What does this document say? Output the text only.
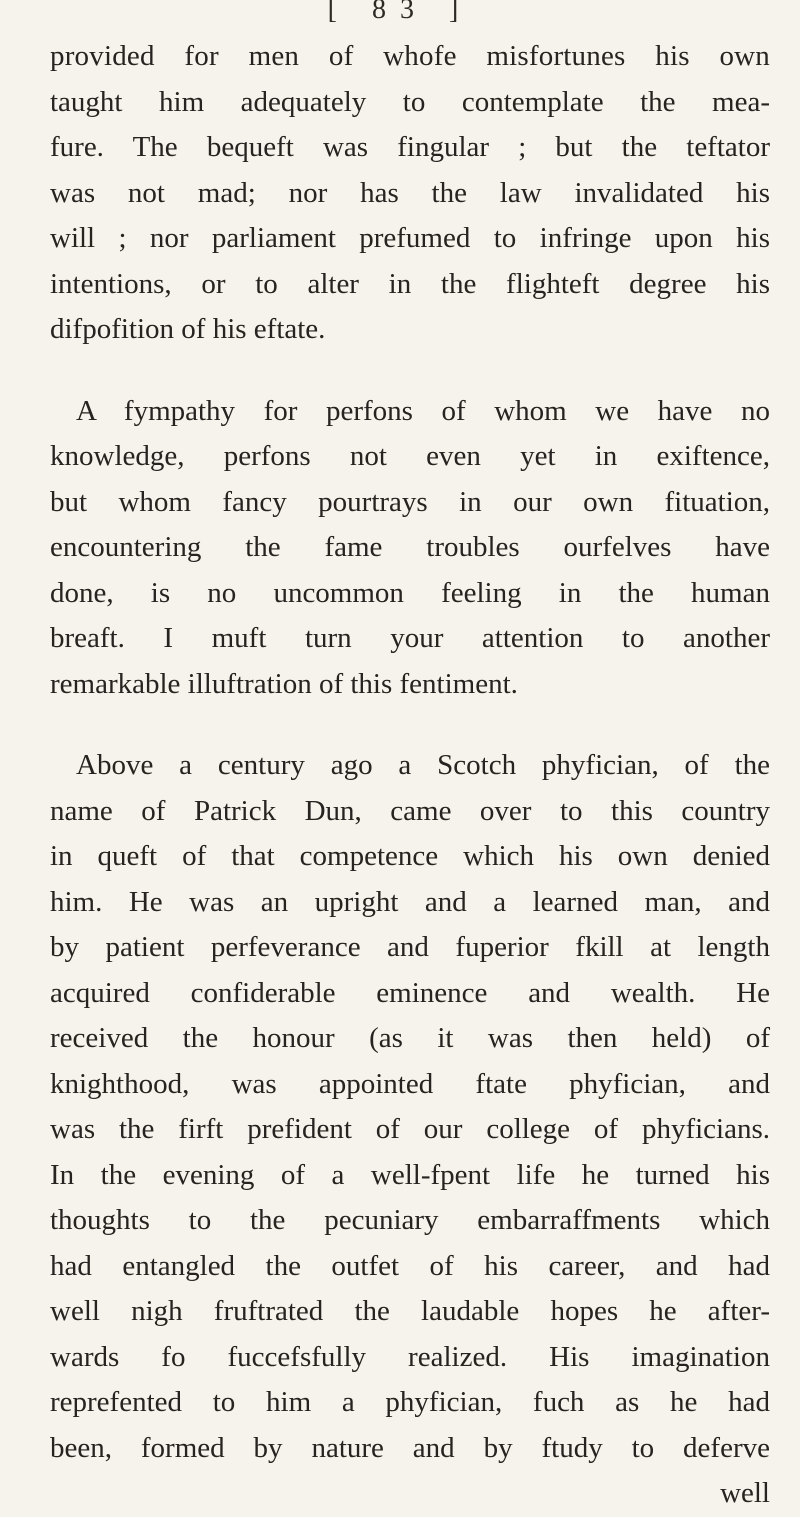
[ 83 ]
provided for men of whofe misfortunes his own
taught him adequately to contemplate the mea-
fure. The bequeft was fingular ; but the teftator
was not mad; nor has the law invalidated his
will ; nor parliament prefumed to infringe upon his
intentions, or to alter in the flighteft degree his
difpofition of his eftate.
A fympathy for perfons of whom we have no
knowledge, perfons not even yet in exiftence,
but whom fancy pourtrays in our own fituation,
encountering the fame troubles ourfelves have
done, is no uncommon feeling in the human
breaft. I muft turn your attention to another
remarkable illuftration of this fentiment.
Above a century ago a Scotch phyfician, of the
name of Patrick Dun, came over to this country
in queft of that competence which his own denied
him. He was an upright and a learned man, and
by patient perfeverance and fuperior fkill at length
acquired confiderable eminence and wealth. He
received the honour (as it was then held) of
knighthood, was appointed ftate phyfician, and
was the firft prefident of our college of phyficians.
In the evening of a well-fpent life he turned his
thoughts to the pecuniary embarraffments which
had entangled the outfet of his career, and had
well nigh fruftrated the laudable hopes he after-
wards fo fuccefsfully realized. His imagination
reprefented to him a phyfician, fuch as he had
been, formed by nature and by ftudy to deferve
well
